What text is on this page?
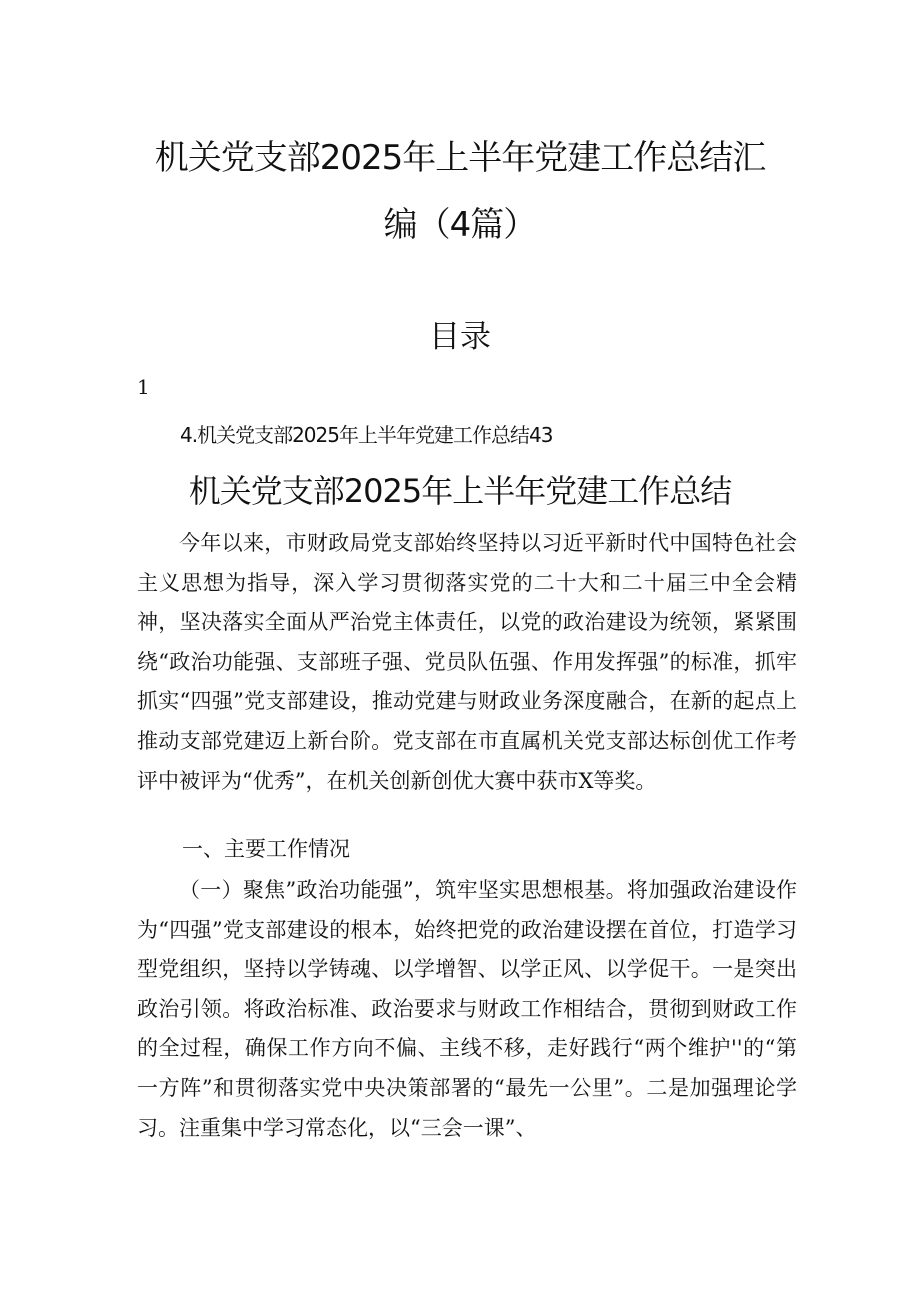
机关党支部2025年上半年党建工作总结汇
编（4篇）
目录
1
4.机关党支部2025年上半年党建工作总结43
机关党支部2025年上半年党建工作总结

今年以来，市财政局党支部始终坚持以习近平新时代中国特色社会主义思想为指导，深入学习贯彻落实党的二十大和二十届三中全会精神，坚决落实全面从严治党主体责任，以党的政治建设为统领，紧紧围绕“政治功能强、支部班子强、党员队伍强、作用发挥强”的标准，抓牢抓实“四强”党支部建设，推动党建与财政业务深度融合，在新的起点上推动支部党建迈上新台阶。党支部在市直属机关党支部达标创优工作考评中被评为“优秀”，在机关创新创优大赛中获市X等奖。

一、主要工作情况

（一）聚焦”政治功能强”，筑牢坚实思想根基。将加强政治建设作为“四强”党支部建设的根本，始终把党的政治建设摆在首位，打造学习型党组织，坚持以学铸魂、以学增智、以学正风、以学促干。一是突出政治引领。将政治标准、政治要求与财政工作相结合，贯彻到财政工作的全过程，确保工作方向不偏、主线不移，走好践行“两个维护''的“第一方阵”和贯彻落实党中央决策部署的“最先一公里”。二是加强理论学习。注重集中学习常态化，以“三会一课”、
